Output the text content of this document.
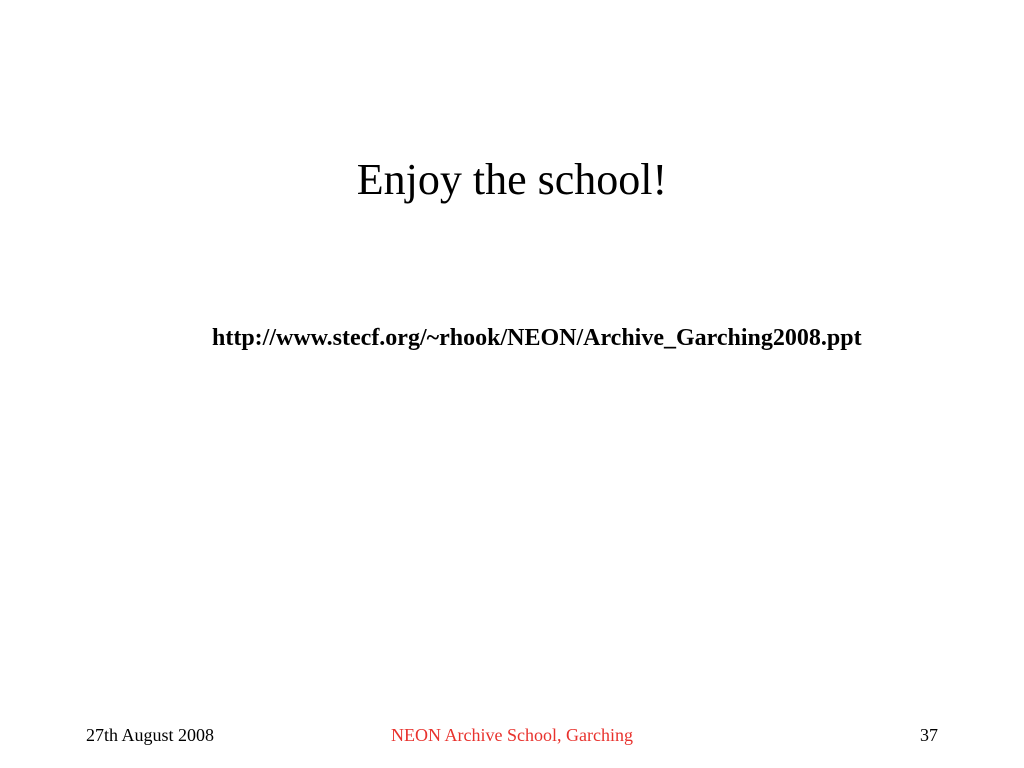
Enjoy the school!
http://www.stecf.org/~rhook/NEON/Archive_Garching2008.ppt
27th August 2008	NEON Archive School, Garching	37
